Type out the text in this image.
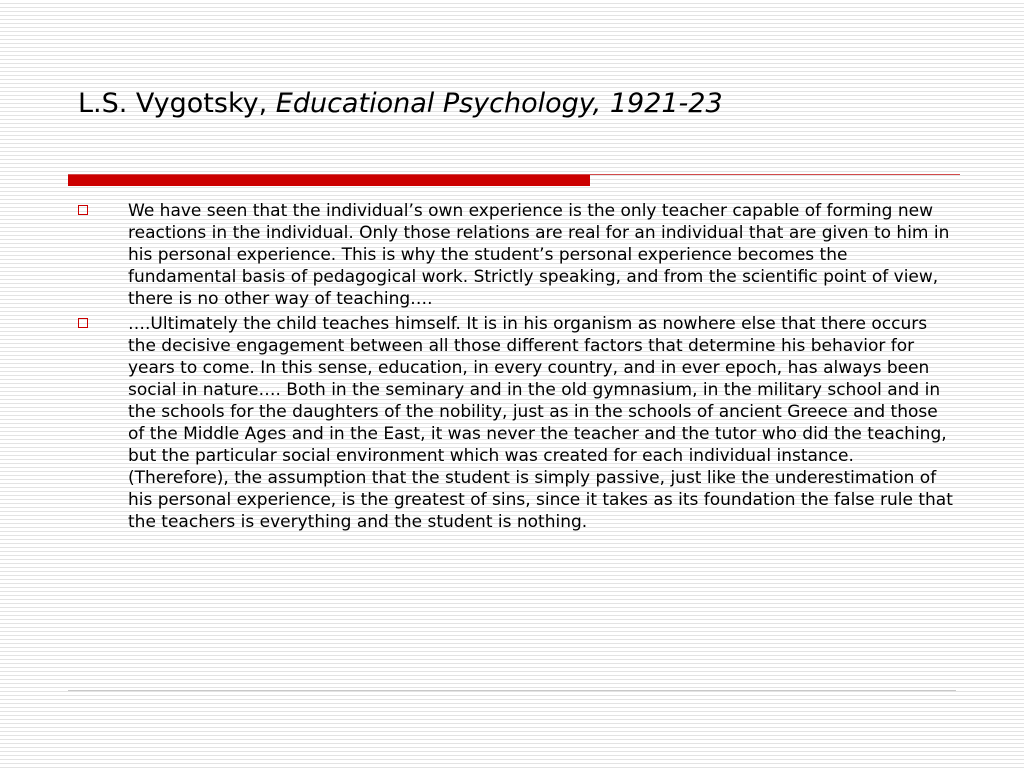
L.S. Vygotsky, Educational Psychology, 1921-23
We have seen that the individual’s own experience is the only teacher capable of forming new reactions in the individual. Only those relations are real for an individual that are given to him in his personal experience. This is why the student’s personal experience becomes the fundamental basis of pedagogical work. Strictly speaking, and from the scientific point of view, there is no other way of teaching….
….Ultimately the child teaches himself. It is in his organism as nowhere else that there occurs the decisive engagement between all those different factors that determine his behavior for years to come. In this sense, education, in every country, and in ever epoch, has always been social in nature…. Both in the seminary and in the old gymnasium, in the military school and in the schools for the daughters of the nobility, just as in the schools of ancient Greece and those of the Middle Ages and in the East, it was never the teacher and the tutor who did the teaching, but the particular social environment which was created for each individual instance. (Therefore), the assumption that the student is simply passive, just like the underestimation of his personal experience, is the greatest of sins, since it takes as its foundation the false rule that the teachers is everything and the student is nothing.
